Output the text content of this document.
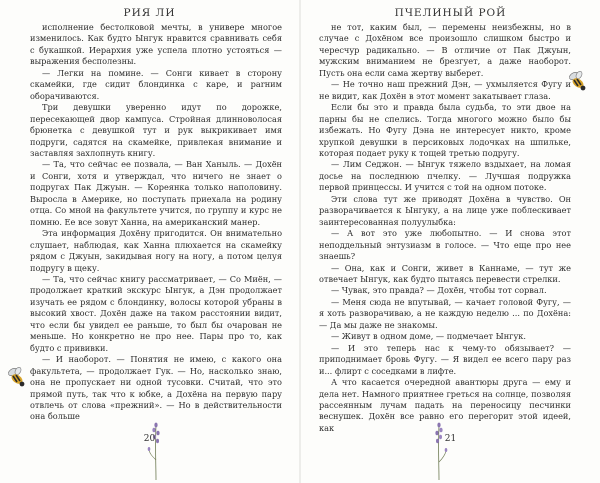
РИЯ ЛИ

исполнение бестолковой мечты, в универе многое изменилось. Как будто Ынгук нравится сравнивать себя с букашкой. Иерархия уже успела плотно устояться — выражения бесполезны.

— Легки на помине. — Сонги кивает в сторону скамейки, где сидит блондинка с каре, и parним оборачиваются.

Три девушки уверенно идут по дорожке, пересекающей двор кампуса. Стройная длинноволосая брюнетка с девушкой тут и рук выкрикивает имя подруги, садятся на скамейке, привлекая внимание и заставляя захлопнуть книгу.

— Та, что сейчас ее позвала, — Ван Ханыль. — Дохён и Сонги, хотя и утверждал, что ничего не знает о подругах Пак Джуын. — Кореянка только наполовину. Выросла в Америке, но поступать приехала на родину отца. Со мной на факультете учится, по группу и курс не помню. Ее все зовут Ханна, на американский манер.

Эта информация Дохёну пригодится. Он внимательно слушает, наблюдая, как Ханна плюхается на скамейку рядом с Джуын, закидывая ногу на ногу, а потом целуя подругу в щеку.

— Та, что сейчас книгу рассматривает, — Со Миён, — продолжает краткий экскурс Ынгук, а Дэн продолжает изучать ее рядом с блондинку, волосы которой убраны в высокий хвост. Дохён даже на таком расстоянии видит, что если бы увидел ее раньше, то был бы очарован не меньше. Но конкретно не про нее. Пары про то, как будто с прививки.

— И наоборот. — Понятия не имею, с какого она факультета, — продолжает Гук. — Но, насколько знаю, она не пропускает ни одной тусовки. Считай, что это прямой путь, так что к юбке, а Дохёна на первую пару отвлечь от слова «прежний». — Но в действительности она больше

20
ПЧЕЛИНЫЙ РОЙ

не тот, каким был, — перемены неизбежны, но в случае с Дохёном все произошло слишком быстро и чересчур радикально. — В отличие от Пак Джуын, мужским вниманием не брезгует, а даже наоборот. Пусть она если сама жертву выберет.

— Не точно наш прежний Дэн, — ухмыляется Фугу и не видит, как Дохён в этот момент закатывает глаза.

Если бы это и правда была судьба, то эти двое на парны бы не спелись. Тогда многого можно было бы избежать. Но Фугу Дэна не интересует никто, кроме хрупкой девушки в персиковых лодочках на шпильке, которая подает руку к тощей третью подругу.

— Лим Седжон. — Ынгук тяжело вздыхает, на ломая досье на последнюю пчелку. — Лучшая подружка первой принцессы. И учится с той на одном потоке.

Эти слова тут же приводят Дохёна в чувство. Он разворачивается к Ынгуку, а на лице уже поблескивает заинтересованная полуулыбка:

— А вот это уже любопытно. — И снова этот неподдельный энтузиазм в голосе. — Что еще про нее знаешь?

— Она, как и Сонги, живет в Каннаме, — тут же отвечает Ынгук, как будто пытаясь перевести стрелки.

— Чувак, это правда? — Дохён, чтобы тот сорвал.

— Меня сюда не впутывай, — качает головой Фугу, — я хоть разворачиваю, а не каждую неделю ... по Дохёна: — Да мы даже не знакомы.

— Живут в одном доме, — подмечает Ынгук.

— И это теперь нас к чему-то обязывает? — приподнимает бровь Фугу. — Я видел ее всего пару раз и... флирт с соседками в лифте.

А что касается очередной авантюры друга — ему и дела нет. Намного приятнее греться на солнце, позволяя рассеянным лучам падать на переносицу песчинки веснушек. Дохён все равно его перегорит этой идеей, как

21
